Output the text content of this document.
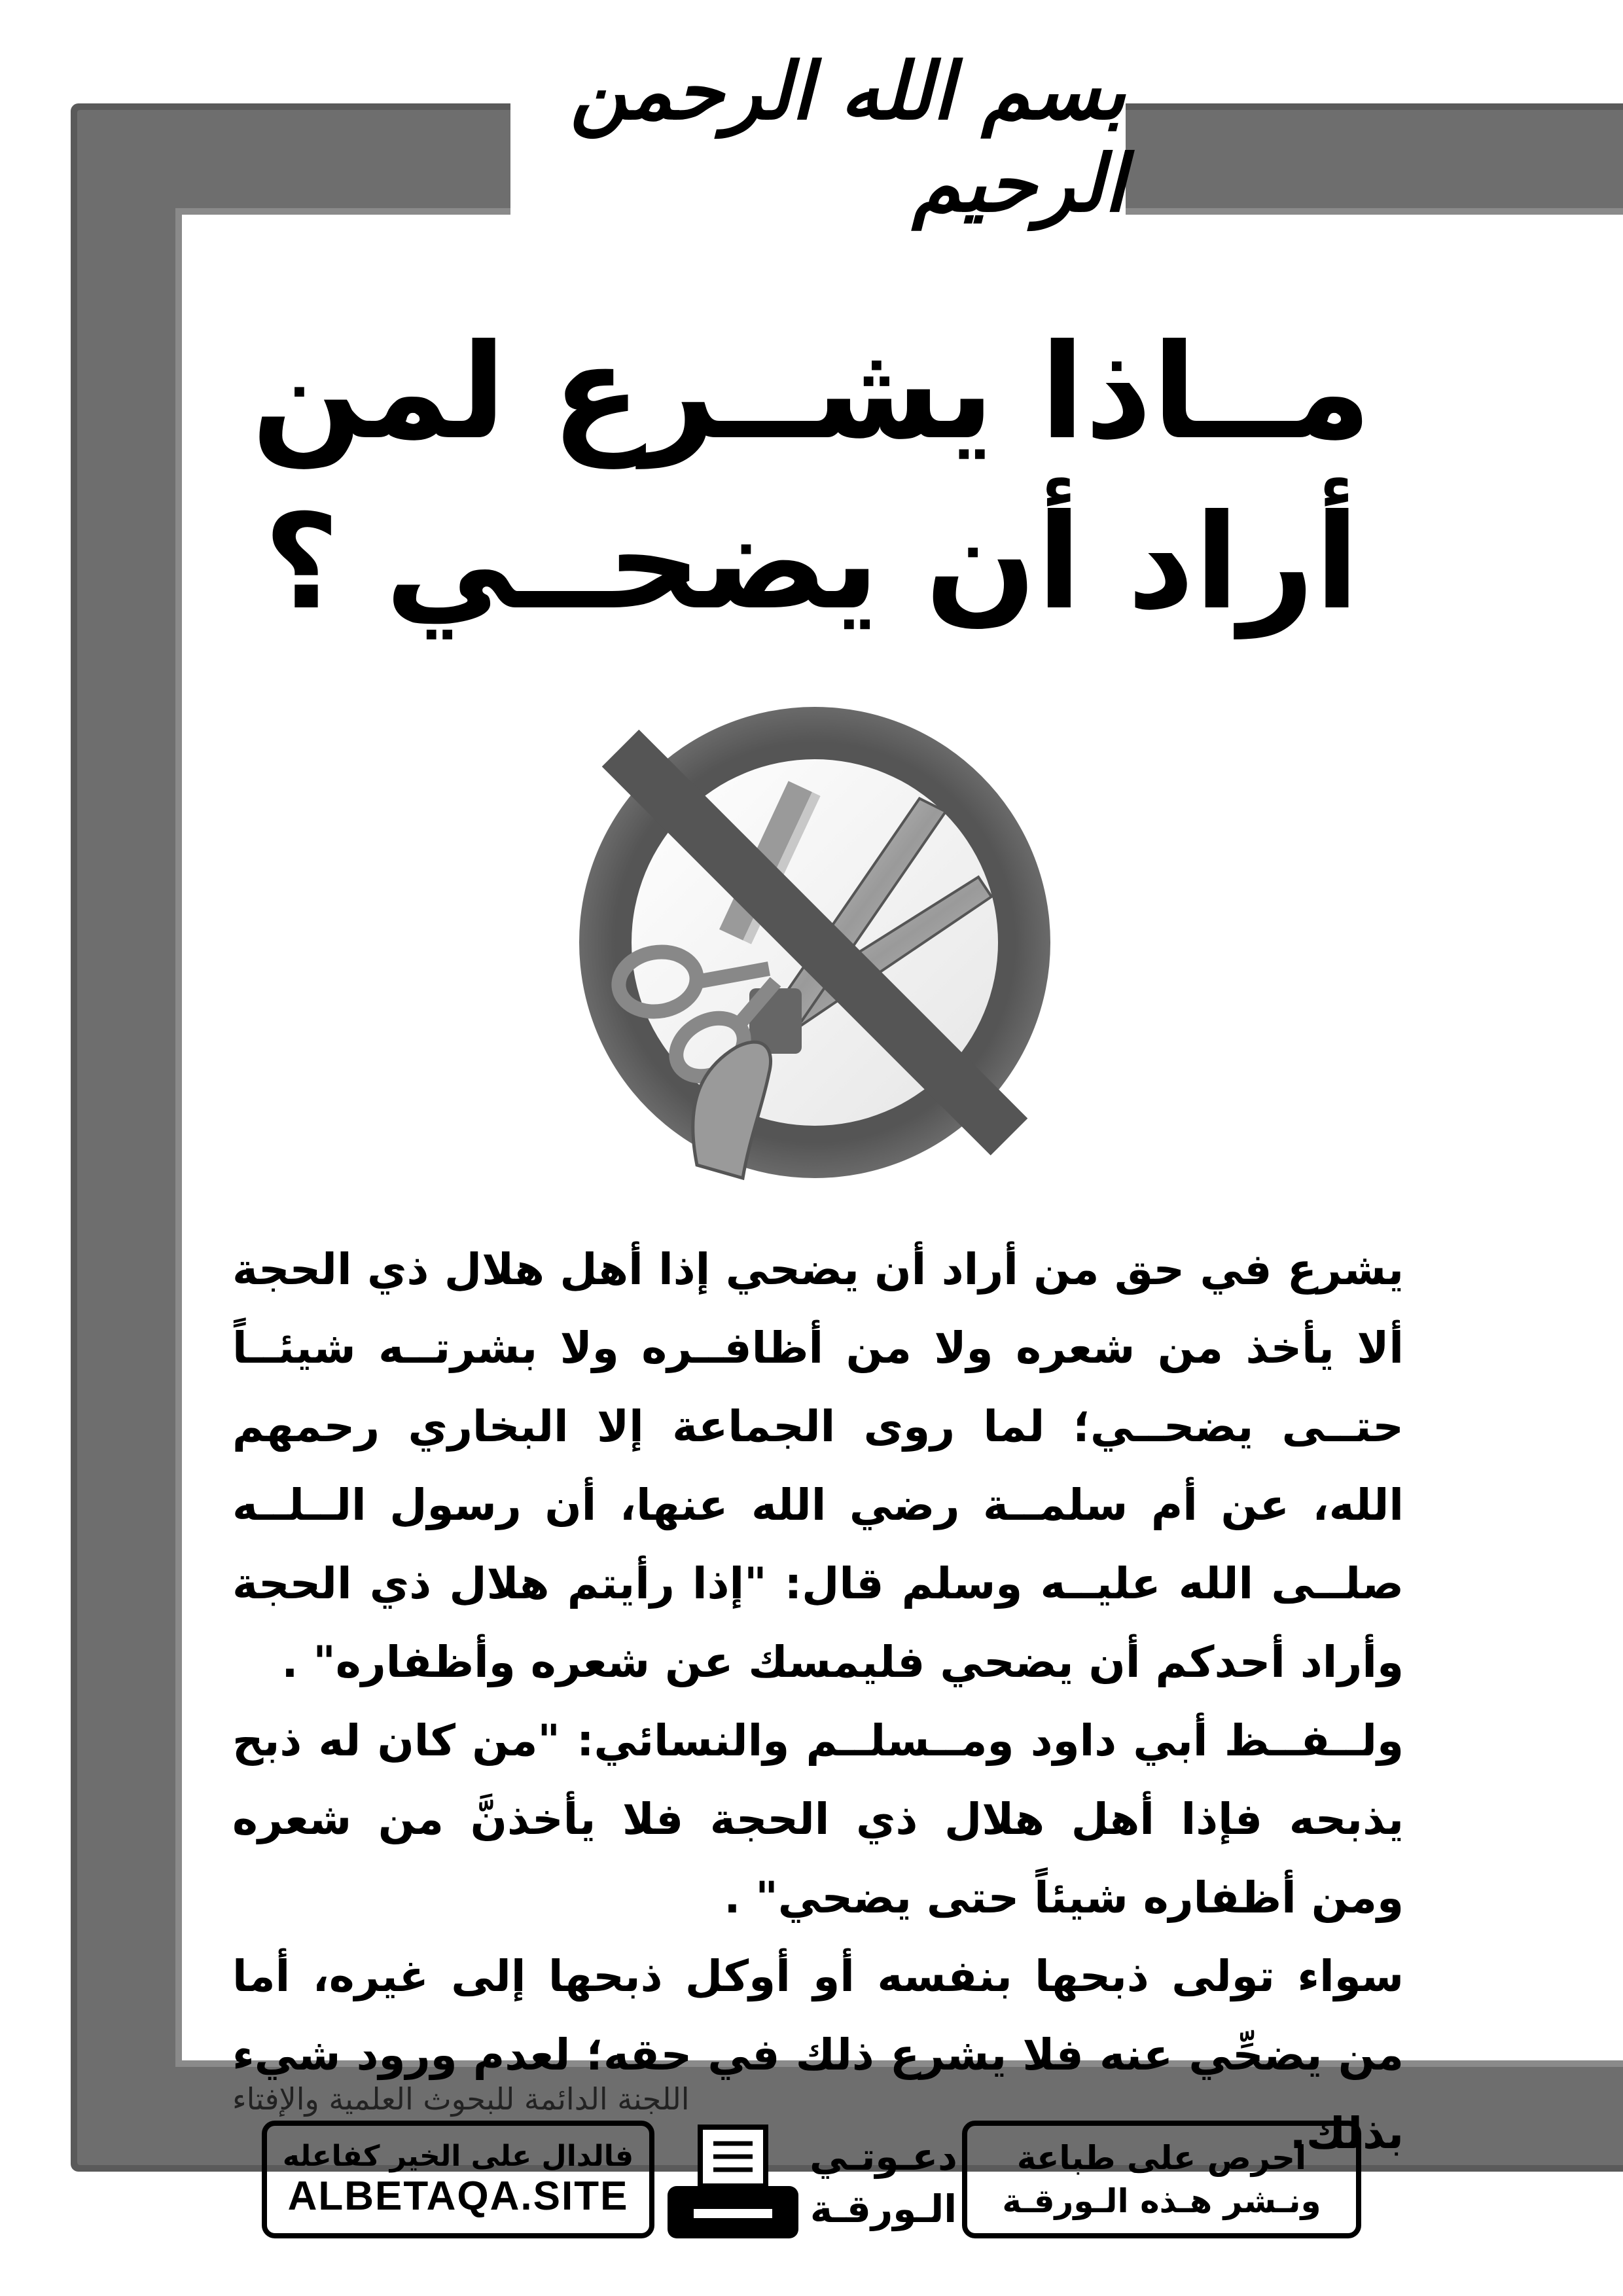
بسم الله الرحمن الرحيم
مــاذا يشــرع لمن
أراد أن يضحــي ؟

يشرع في حق من أراد أن يضحي إذا أهل هلال ذي الحجة ألا يأخذ من شعره ولا من أظافــره ولا بشرتــه شيئــاً حتــى يضحــي؛ لما روى الجماعة إلا البخاري رحمهم الله، عن أم سلمــة رضي الله عنها، أن رسول الــلــه صلــى الله عليــه وسلم قال: "إذا رأيتم هلال ذي الحجة وأراد أحدكم أن يضحي فليمسك عن شعره وأظفاره" .

ولــفــظ أبي داود ومــسلــم والنسائي: "من كان له ذبح يذبحه فإذا أهل هلال ذي الحجة فلا يأخذنَّ من شعره ومن أظفاره شيئاً حتى يضحي" .

سواء تولى ذبحها بنفسه أو أوكل ذبحها إلى غيره، أما من يضحِّي عنه فلا يشرع ذلك في حقه؛ لعدم ورود شيء بذلك.

اللجنة الدائمة للبحوث العلمية والإفتاء
احرص على طباعة
ونـشر هـذه الـورقـة
دعـوتـي
الـورقـة
فالدال على الخير كفاعله
ALBETAQA.SITE
